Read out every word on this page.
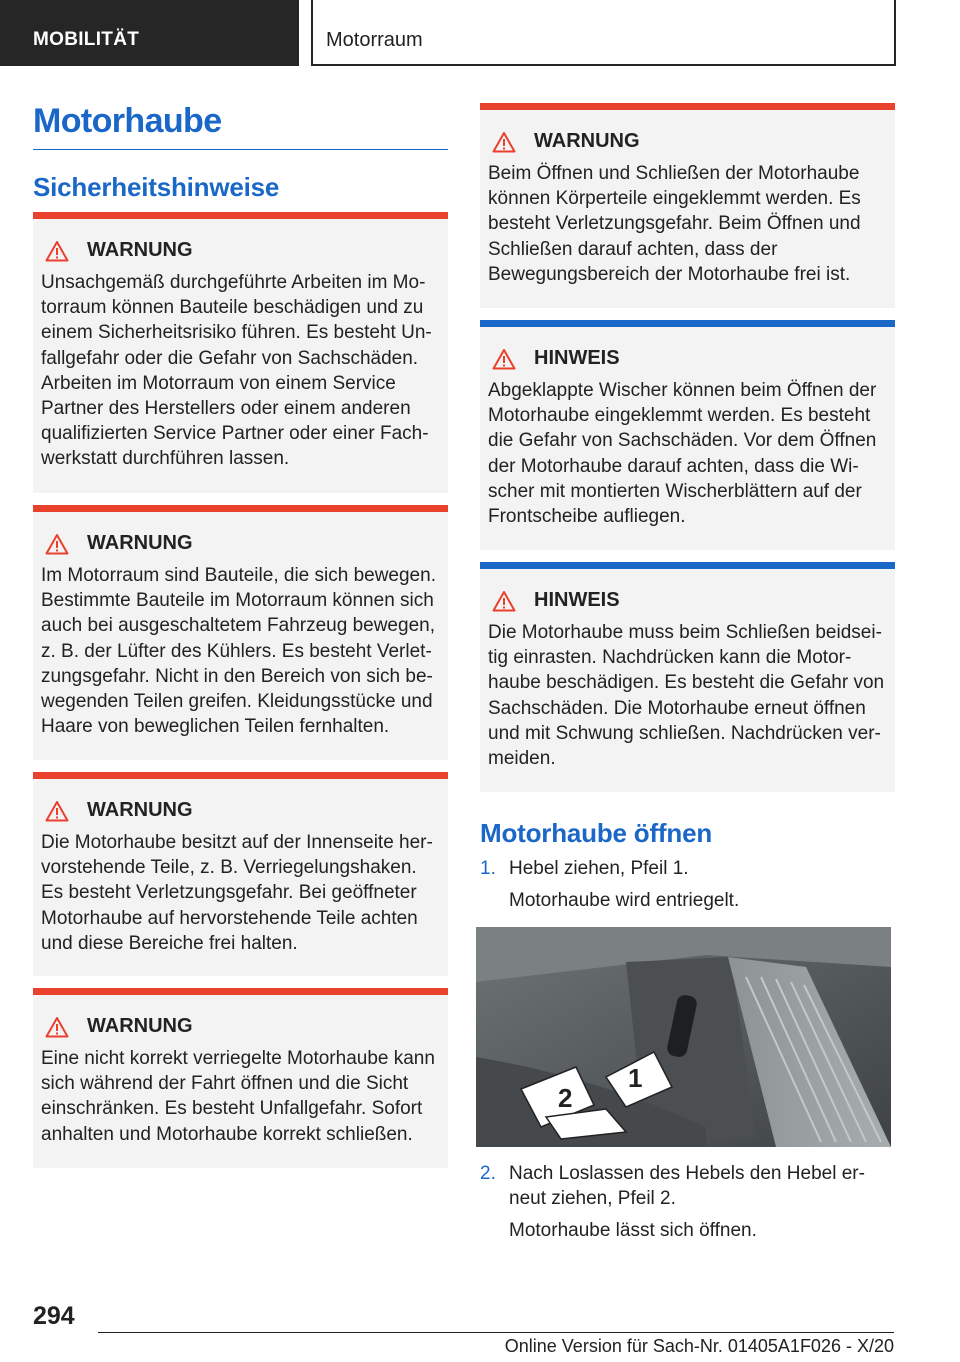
MOBILITÄT	Motorraum
Motorhaube
Sicherheitshinweise
WARNUNG
Unsachgemäß durchgeführte Arbeiten im Motorraum können Bauteile beschädigen und zu einem Sicherheitsrisiko führen. Es besteht Unfallgefahr oder die Gefahr von Sachschäden. Arbeiten im Motorraum von einem Service Partner des Herstellers oder einem anderen qualifizierten Service Partner oder einer Fachwerkstatt durchführen lassen.
WARNUNG
Im Motorraum sind Bauteile, die sich bewegen. Bestimmte Bauteile im Motorraum können sich auch bei ausgeschaltetem Fahrzeug bewegen, z. B. der Lüfter des Kühlers. Es besteht Verletzungsgefahr. Nicht in den Bereich von sich bewegenden Teilen greifen. Kleidungsstücke und Haare von beweglichen Teilen fernhalten.
WARNUNG
Die Motorhaube besitzt auf der Innenseite hervorstehende Teile, z. B. Verriegelungshaken. Es besteht Verletzungsgefahr. Bei geöffneter Motorhaube auf hervorstehende Teile achten und diese Bereiche frei halten.
WARNUNG
Eine nicht korrekt verriegelte Motorhaube kann sich während der Fahrt öffnen und die Sicht einschränken. Es besteht Unfallgefahr. Sofort anhalten und Motorhaube korrekt schließen.
WARNUNG
Beim Öffnen und Schließen der Motorhaube können Körperteile eingeklemmt werden. Es besteht Verletzungsgefahr. Beim Öffnen und Schließen darauf achten, dass der Bewegungsbereich der Motorhaube frei ist.
HINWEIS
Abgeklappte Wischer können beim Öffnen der Motorhaube eingeklemmt werden. Es besteht die Gefahr von Sachschäden. Vor dem Öffnen der Motorhaube darauf achten, dass die Wischer mit montierten Wischerblättern auf der Frontscheibe aufliegen.
HINWEIS
Die Motorhaube muss beim Schließen beidseitig einrasten. Nachdrücken kann die Motorhaube beschädigen. Es besteht die Gefahr von Sachschäden. Die Motorhaube erneut öffnen und mit Schwung schließen. Nachdrücken vermeiden.
Motorhaube öffnen
1. Hebel ziehen, Pfeil 1.
Motorhaube wird entriegelt.
1
2
2. Nach Loslassen des Hebels den Hebel erneut ziehen, Pfeil 2.
Motorhaube lässt sich öffnen.
294
Online Version für Sach-Nr. 01405A1F026 - X/20
